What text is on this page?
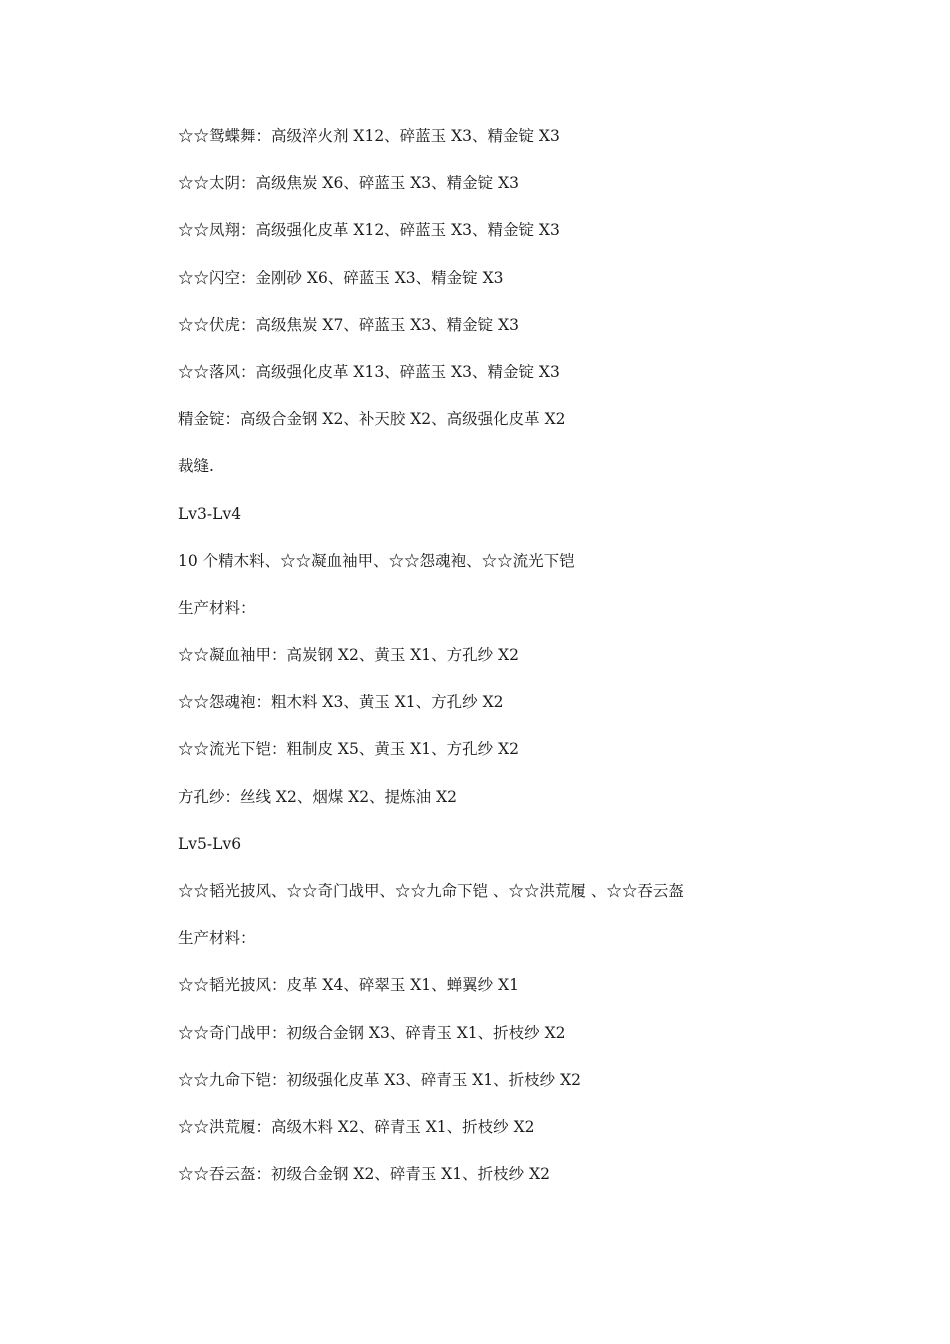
☆☆鸳蝶舞：高级淬火剂 X12、碎蓝玉 X3、精金锭 X3
☆☆太阴：高级焦炭 X6、碎蓝玉 X3、精金锭 X3
☆☆凤翔：高级强化皮革 X12、碎蓝玉 X3、精金锭 X3
☆☆闪空：金刚砂 X6、碎蓝玉 X3、精金锭 X3
☆☆伏虎：高级焦炭 X7、碎蓝玉 X3、精金锭 X3
☆☆落风：高级强化皮革 X13、碎蓝玉 X3、精金锭 X3
精金锭：高级合金钢 X2、补天胶 X2、高级强化皮革 X2
裁缝.
Lv3-Lv4
10 个精木料、☆☆凝血袖甲、☆☆怨魂袍、☆☆流光下铠
生产材料：
☆☆凝血袖甲：高炭钢 X2、黄玉 X1、方孔纱 X2
☆☆怨魂袍：粗木料 X3、黄玉 X1、方孔纱 X2
☆☆流光下铠：粗制皮 X5、黄玉 X1、方孔纱 X2
方孔纱：丝线 X2、烟煤 X2、提炼油 X2
Lv5-Lv6
☆☆韬光披风、☆☆奇门战甲、☆☆九命下铠 、☆☆洪荒履 、☆☆吞云盔
生产材料：
☆☆韬光披风：皮革 X4、碎翠玉 X1、蝉翼纱 X1
☆☆奇门战甲：初级合金钢 X3、碎青玉 X1、折枝纱 X2
☆☆九命下铠：初级强化皮革 X3、碎青玉 X1、折枝纱 X2
☆☆洪荒履：高级木料 X2、碎青玉 X1、折枝纱 X2
☆☆吞云盔：初级合金钢 X2、碎青玉 X1、折枝纱 X2
